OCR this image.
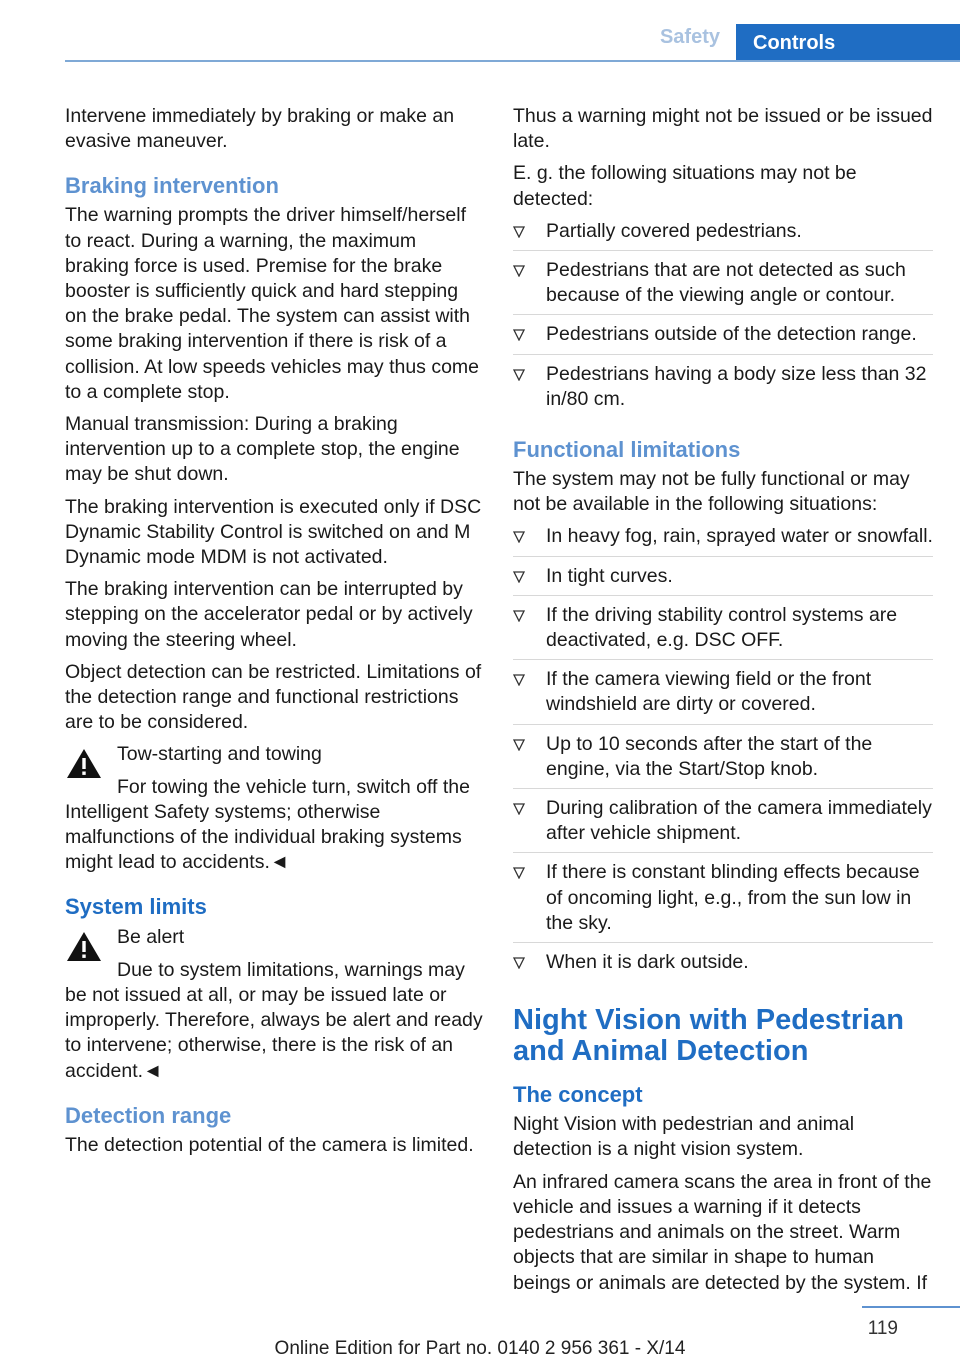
Safety	Controls

Intervene immediately by braking or make an evasive maneuver.

Braking intervention

The warning prompts the driver himself/herself to react. During a warning, the maximum braking force is used. Premise for the brake booster is sufficiently quick and hard stepping on the brake pedal. The system can assist with some braking intervention if there is risk of a collision. At low speeds vehicles may thus come to a complete stop.

Manual transmission: During a braking intervention up to a complete stop, the engine may be shut down.

The braking intervention is executed only if DSC Dynamic Stability Control is switched on and M Dynamic mode MDM is not activated.

The braking intervention can be interrupted by stepping on the accelerator pedal or by actively moving the steering wheel.

Object detection can be restricted. Limitations of the detection range and functional restrictions are to be considered.

Tow-starting and towing

For towing the vehicle turn, switch off the Intelligent Safety systems; otherwise malfunctions of the individual braking systems might lead to accidents.◄

System limits

Be alert

Due to system limitations, warnings may be not issued at all, or may be issued late or improperly. Therefore, always be alert and ready to intervene; otherwise, there is the risk of an accident.◄

Detection range

The detection potential of the camera is limited.

Thus a warning might not be issued or be issued late.

E. g. the following situations may not be detected:

Partially covered pedestrians.
Pedestrians that are not detected as such because of the viewing angle or contour.
Pedestrians outside of the detection range.
Pedestrians having a body size less than 32 in/80 cm.
Functional limitations

The system may not be fully functional or may not be available in the following situations:

In heavy fog, rain, sprayed water or snowfall.
In tight curves.
If the driving stability control systems are deactivated, e.g. DSC OFF.
If the camera viewing field or the front windshield are dirty or covered.
Up to 10 seconds after the start of the engine, via the Start/Stop knob.
During calibration of the camera immediately after vehicle shipment.
If there is constant blinding effects because of oncoming light, e.g., from the sun low in the sky.
When it is dark outside.
Night Vision with Pedestrian and Animal Detection
The concept

Night Vision with pedestrian and animal detection is a night vision system.

An infrared camera scans the area in front of the vehicle and issues a warning if it detects pedestrians and animals on the street. Warm objects that are similar in shape to human beings or animals are detected by the system. If

119
Online Edition for Part no. 0140 2 956 361 - X/14
